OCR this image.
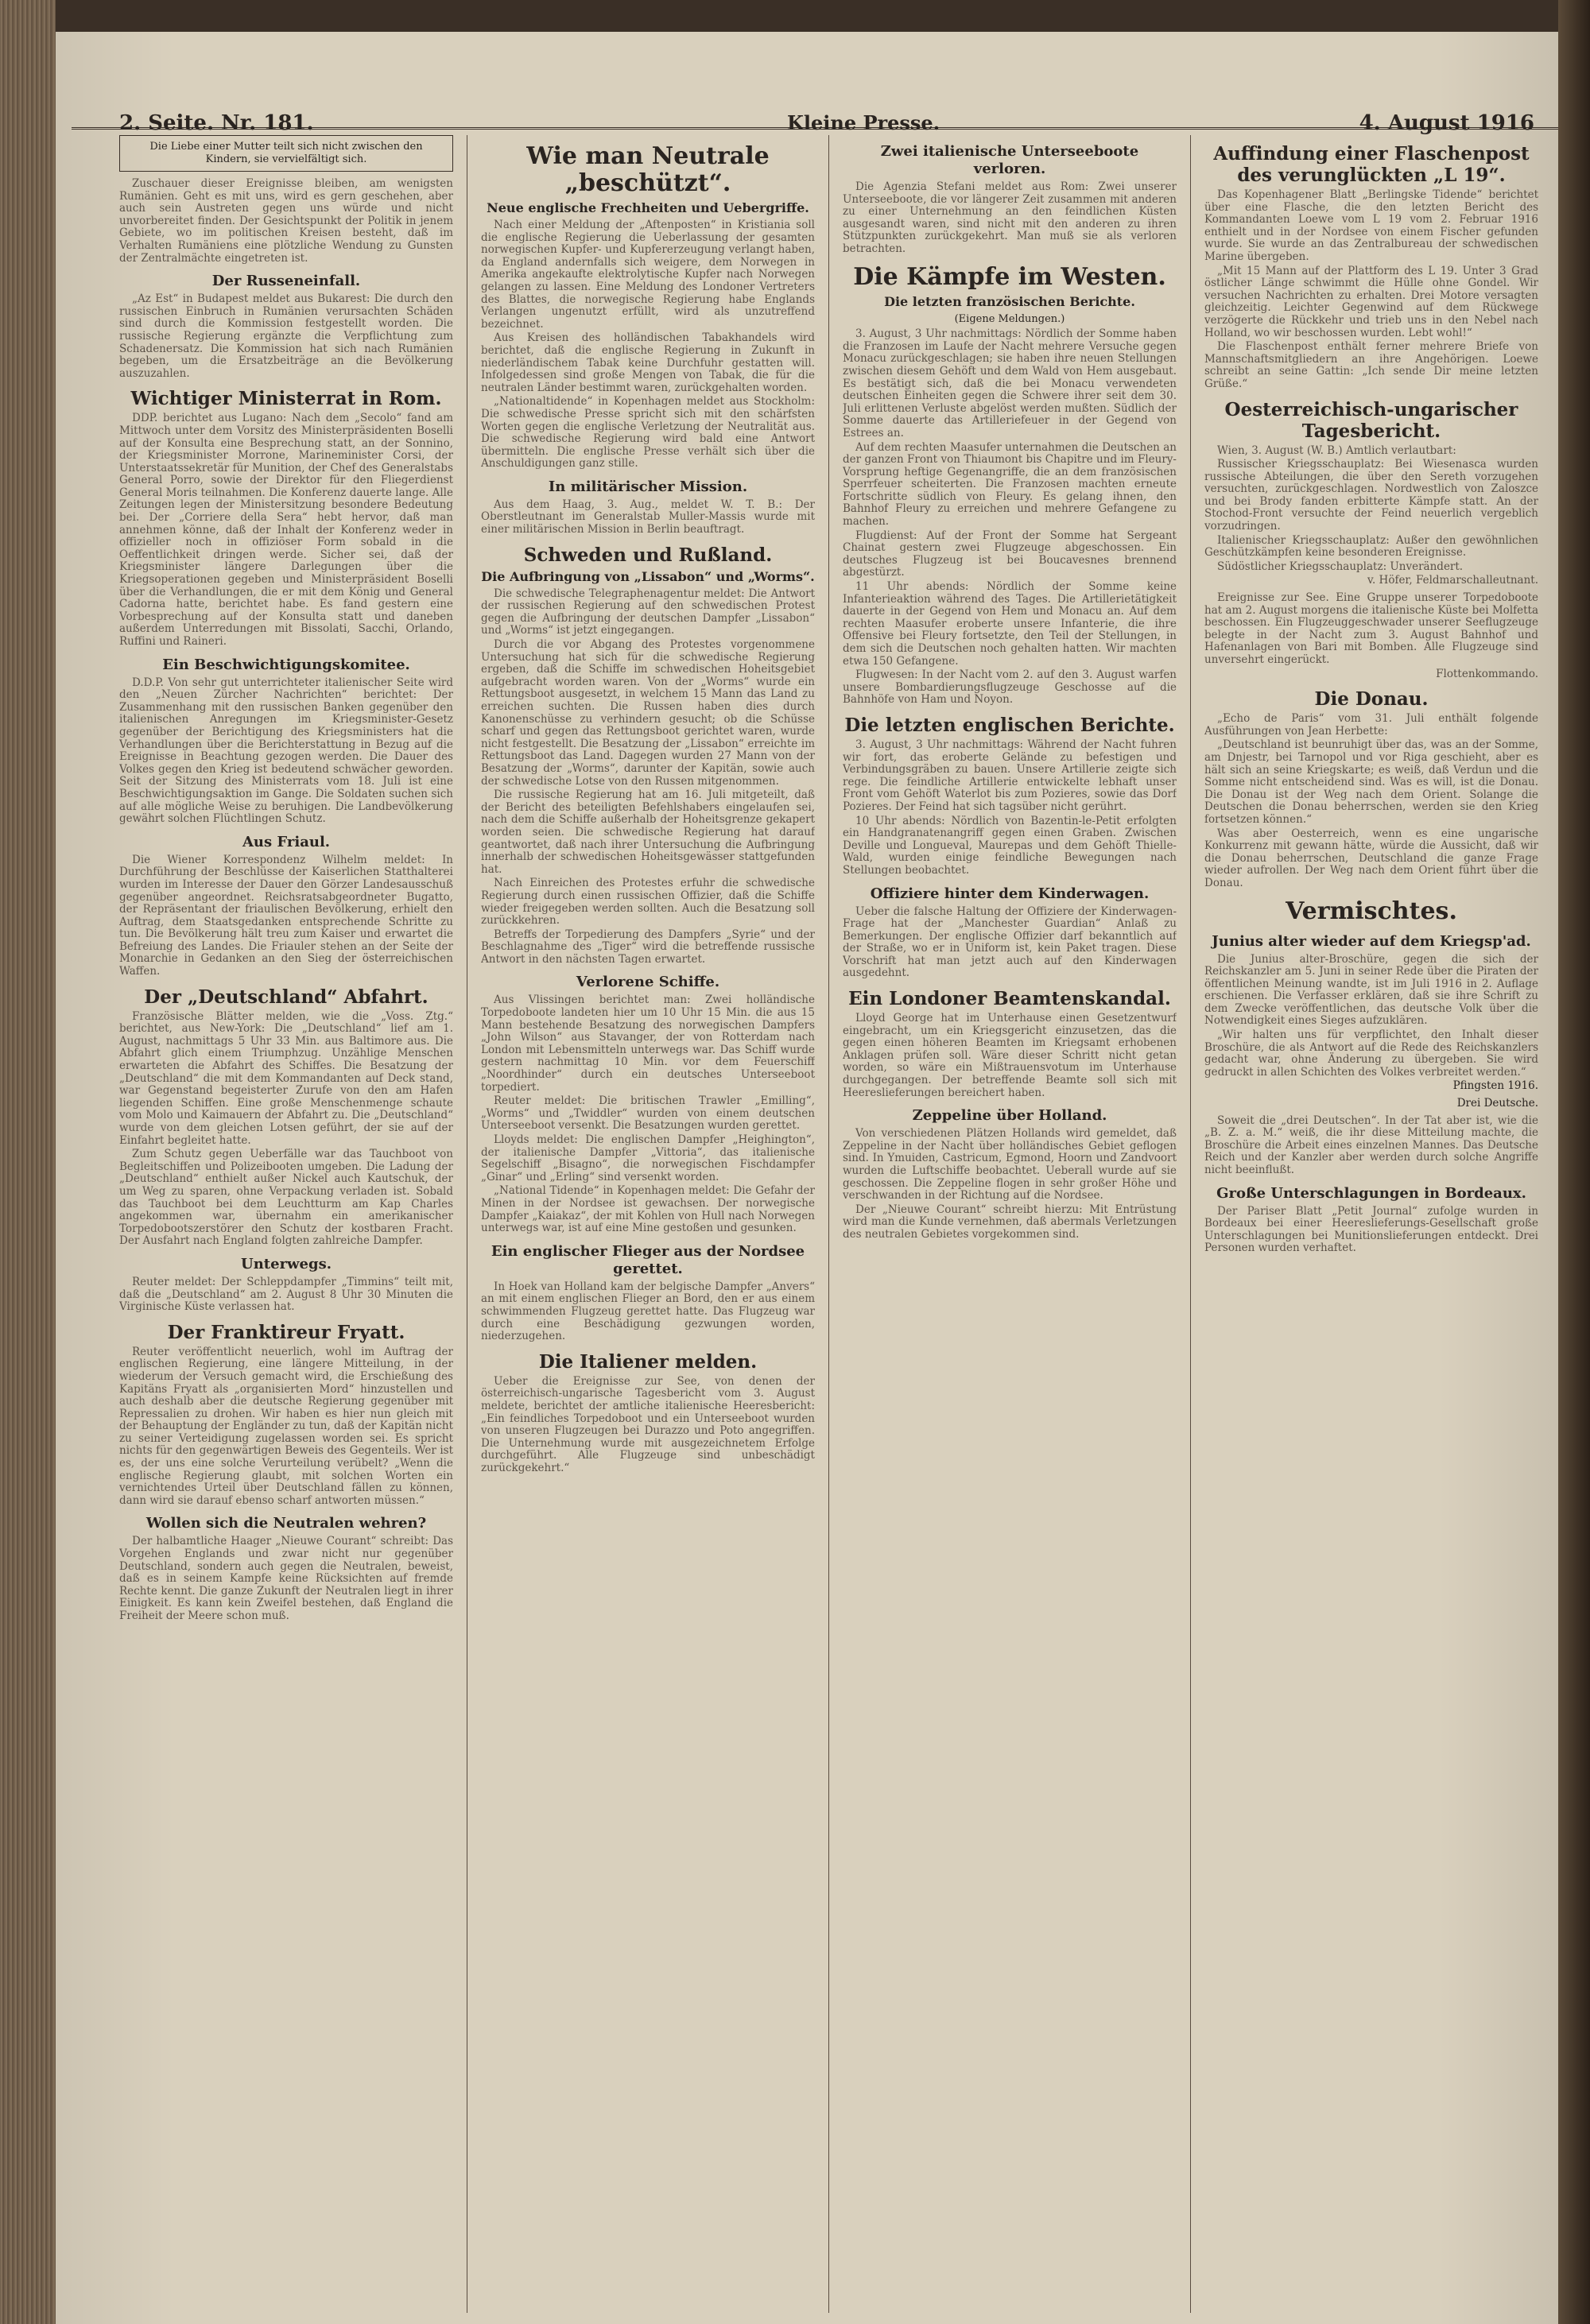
2. Seite. Nr. 181.	Kleine Presse.	4. August 1916
Die Liebe einer Mutter teilt sich nicht zwischen den Kindern, sie vervielfältigt sich.

Zuschauer dieser Ereignisse bleiben, am wenigsten Rumänien. Geht es mit uns, wird es gern geschehen, aber auch sein Austreten gegen uns würde und nicht unvorbereitet finden. Der Gesichtspunkt der Politik in jenem Gebiete, wo im politischen Kreisen besteht, daß im Verhalten Rumäniens eine plötzliche Wendung zu Gunsten der Zentralmächte eingetreten ist.

Der Russeneinfall.

„Az Est“ in Budapest meldet aus Bukarest: Die durch den russischen Einbruch in Rumänien verursachten Schäden sind durch die Kommission festgestellt worden. Die russische Regierung ergänzte die Verpflichtung zum Schadenersatz. Die Kommission hat sich nach Rumänien begeben, um die Ersatzbeiträge an die Bevölkerung auszuzahlen.

Wichtiger Ministerrat in Rom.

DDP. berichtet aus Lugano: Nach dem „Secolo“ fand am Mittwoch unter dem Vorsitz des Ministerpräsidenten Boselli auf der Konsulta eine Besprechung statt, an der Sonnino, der Kriegsminister Morrone, Marineminister Corsi, der Unterstaatssekretär für Munition, der Chef des Generalstabs General Porro, sowie der Direktor für den Fliegerdienst General Moris teilnahmen. Die Konferenz dauerte lange. Alle Zeitungen legen der Ministersitzung besondere Bedeutung bei. Der „Corriere della Sera“ hebt hervor, daß man annehmen könne, daß der Inhalt der Konferenz weder in offizieller noch in offiziöser Form sobald in die Oeffentlichkeit dringen werde. Sicher sei, daß der Kriegsminister längere Darlegungen über die Kriegsoperationen gegeben und Ministerpräsident Boselli über die Verhandlungen, die er mit dem König und General Cadorna hatte, berichtet habe. Es fand gestern eine Vorbesprechung auf der Konsulta statt und daneben außerdem Unterredungen mit Bissolati, Sacchi, Orlando, Ruffini und Raineri.

Ein Beschwichtigungskomitee.

D.D.P. Von sehr gut unterrichteter italienischer Seite wird den „Neuen Zürcher Nachrichten“ berichtet: Der Zusammenhang mit den russischen Banken gegenüber den italienischen Anregungen im Kriegsminister-Gesetz gegenüber der Berichtigung des Kriegsministers hat die Verhandlungen über die Berichterstattung in Bezug auf die Ereignisse in Beachtung gezogen werden. Die Dauer des Volkes gegen den Krieg ist bedeutend schwächer geworden. Seit der Sitzung des Ministerrats vom 18. Juli ist eine Beschwichtigungsaktion im Gange. Die Soldaten suchen sich auf alle mögliche Weise zu beruhigen. Die Landbevölkerung gewährt solchen Flüchtlingen Schutz.

Aus Friaul.

Die Wiener Korrespondenz Wilhelm meldet: In Durchführung der Beschlüsse der Kaiserlichen Statthalterei wurden im Interesse der Dauer den Görzer Landesausschuß gegenüber angeordnet. Reichsratsabgeordneter Bugatto, der Repräsentant der friaulischen Bevölkerung, erhielt den Auftrag, dem Staatsgedanken entsprechende Schritte zu tun. Die Bevölkerung hält treu zum Kaiser und erwartet die Befreiung des Landes. Die Friauler stehen an der Seite der Monarchie in Gedanken an den Sieg der österreichischen Waffen.

Der „Deutschland“ Abfahrt.

Französische Blätter melden, wie die „Voss. Ztg.“ berichtet, aus New-York: Die „Deutschland“ lief am 1. August, nachmittags 5 Uhr 33 Min. aus Baltimore aus. Die Abfahrt glich einem Triumphzug. Unzählige Menschen erwarteten die Abfahrt des Schiffes. Die Besatzung der „Deutschland“ die mit dem Kommandanten auf Deck stand, war Gegenstand begeisterter Zurufe von den am Hafen liegenden Schiffen. Eine große Menschenmenge schaute vom Molo und Kaimauern der Abfahrt zu. Die „Deutschland“ wurde von dem gleichen Lotsen geführt, der sie auf der Einfahrt begleitet hatte.

Zum Schutz gegen Ueberfälle war das Tauchboot von Begleitschiffen und Polizeibooten umgeben. Die Ladung der „Deutschland“ enthielt außer Nickel auch Kautschuk, der um Weg zu sparen, ohne Verpackung verladen ist. Sobald das Tauchboot bei dem Leuchtturm am Kap Charles angekommen war, übernahm ein amerikanischer Torpedobootszerstörer den Schutz der kostbaren Fracht. Der Ausfahrt nach England folgten zahlreiche Dampfer.

Unterwegs.

Reuter meldet: Der Schleppdampfer „Timmins“ teilt mit, daß die „Deutschland“ am 2. August 8 Uhr 30 Minuten die Virginische Küste verlassen hat.

Der Franktireur Fryatt.

Reuter veröffentlicht neuerlich, wohl im Auftrag der englischen Regierung, eine längere Mitteilung, in der wiederum der Versuch gemacht wird, die Erschießung des Kapitäns Fryatt als „organisierten Mord“ hinzustellen und auch deshalb aber die deutsche Regierung gegenüber mit Repressalien zu drohen. Wir haben es hier nun gleich mit der Behauptung der Engländer zu tun, daß der Kapitän nicht zu seiner Verteidigung zugelassen worden sei. Es spricht nichts für den gegenwärtigen Beweis des Gegenteils. Wer ist es, der uns eine solche Verurteilung verübelt? „Wenn die englische Regierung glaubt, mit solchen Worten ein vernichtendes Urteil über Deutschland fällen zu können, dann wird sie darauf ebenso scharf antworten müssen.“

Wollen sich die Neutralen wehren?

Der halbamtliche Haager „Nieuwe Courant“ schreibt: Das Vorgehen Englands und zwar nicht nur gegenüber Deutschland, sondern auch gegen die Neutralen, beweist, daß es in seinem Kampfe keine Rücksichten auf fremde Rechte kennt. Die ganze Zukunft der Neutralen liegt in ihrer Einigkeit. Es kann kein Zweifel bestehen, daß England die Freiheit der Meere schon muß.

Wie man Neutrale „beschützt“.
Neue englische Frechheiten und Uebergriffe.

Nach einer Meldung der „Aftenposten“ in Kristiania soll die englische Regierung die Ueberlassung der gesamten norwegischen Kupfer- und Kupfererzeugung verlangt haben, da England andernfalls sich weigere, dem Norwegen in Amerika angekaufte elektrolytische Kupfer nach Norwegen gelangen zu lassen. Eine Meldung des Londoner Vertreters des Blattes, die norwegische Regierung habe Englands Verlangen ungenutzt erfüllt, wird als unzutreffend bezeichnet.

Aus Kreisen des holländischen Tabakhandels wird berichtet, daß die englische Regierung in Zukunft in niederländischem Tabak keine Durchfuhr gestatten will. Infolgedessen sind große Mengen von Tabak, die für die neutralen Länder bestimmt waren, zurückgehalten worden.

„Nationaltidende“ in Kopenhagen meldet aus Stockholm: Die schwedische Presse spricht sich mit den schärfsten Worten gegen die englische Verletzung der Neutralität aus. Die schwedische Regierung wird bald eine Antwort übermitteln. Die englische Presse verhält sich über die Anschuldigungen ganz stille.

In militärischer Mission.

Aus dem Haag, 3. Aug., meldet W. T. B.: Der Oberstleutnant im Generalstab Muller-Massis wurde mit einer militärischen Mission in Berlin beauftragt.

Schweden und Rußland.
Die Aufbringung von „Lissabon“ und „Worms“.

Die schwedische Telegraphenagentur meldet: Die Antwort der russischen Regierung auf den schwedischen Protest gegen die Aufbringung der deutschen Dampfer „Lissabon“ und „Worms“ ist jetzt eingegangen.

Durch die vor Abgang des Protestes vorgenommene Untersuchung hat sich für die schwedische Regierung ergeben, daß die Schiffe im schwedischen Hoheitsgebiet aufgebracht worden waren. Von der „Worms“ wurde ein Rettungsboot ausgesetzt, in welchem 15 Mann das Land zu erreichen suchten. Die Russen haben dies durch Kanonenschüsse zu verhindern gesucht; ob die Schüsse scharf und gegen das Rettungsboot gerichtet waren, wurde nicht festgestellt. Die Besatzung der „Lissabon“ erreichte im Rettungsboot das Land. Dagegen wurden 27 Mann von der Besatzung der „Worms“, darunter der Kapitän, sowie auch der schwedische Lotse von den Russen mitgenommen.

Die russische Regierung hat am 16. Juli mitgeteilt, daß der Bericht des beteiligten Befehlshabers eingelaufen sei, nach dem die Schiffe außerhalb der Hoheitsgrenze gekapert worden seien. Die schwedische Regierung hat darauf geantwortet, daß nach ihrer Untersuchung die Aufbringung innerhalb der schwedischen Hoheitsgewässer stattgefunden hat.

Nach Einreichen des Protestes erfuhr die schwedische Regierung durch einen russischen Offizier, daß die Schiffe wieder freigegeben werden sollten. Auch die Besatzung soll zurückkehren.

Betreffs der Torpedierung des Dampfers „Syrie“ und der Beschlagnahme des „Tiger“ wird die betreffende russische Antwort in den nächsten Tagen erwartet.

Verlorene Schiffe.

Aus Vlissingen berichtet man: Zwei holländische Torpedoboote landeten hier um 10 Uhr 15 Min. die aus 15 Mann bestehende Besatzung des norwegischen Dampfers „John Wilson“ aus Stavanger, der von Rotterdam nach London mit Lebensmitteln unterwegs war. Das Schiff wurde gestern nachmittag 10 Min. vor dem Feuerschiff „Noordhinder“ durch ein deutsches Unterseeboot torpediert.

Reuter meldet: Die britischen Trawler „Emilling“, „Worms“ und „Twiddler“ wurden von einem deutschen Unterseeboot versenkt. Die Besatzungen wurden gerettet.

Lloyds meldet: Die englischen Dampfer „Heighington“, der italienische Dampfer „Vittoria“, das italienische Segelschiff „Bisagno“, die norwegischen Fischdampfer „Ginar“ und „Erling“ sind versenkt worden.

„National Tidende“ in Kopenhagen meldet: Die Gefahr der Minen in der Nordsee ist gewachsen. Der norwegische Dampfer „Kaiakaz“, der mit Kohlen von Hull nach Norwegen unterwegs war, ist auf eine Mine gestoßen und gesunken.

Ein englischer Flieger aus der Nordsee gerettet.

In Hoek van Holland kam der belgische Dampfer „Anvers“ an mit einem englischen Flieger an Bord, den er aus einem schwimmenden Flugzeug gerettet hatte. Das Flugzeug war durch eine Beschädigung gezwungen worden, niederzugehen.

Die Italiener melden.

Ueber die Ereignisse zur See, von denen der österreichisch-ungarische Tagesbericht vom 3. August meldete, berichtet der amtliche italienische Heeresbericht: „Ein feindliches Torpedoboot und ein Unterseeboot wurden von unseren Flugzeugen bei Durazzo und Poto angegriffen. Die Unternehmung wurde mit ausgezeichnetem Erfolge durchgeführt. Alle Flugzeuge sind unbeschädigt zurückgekehrt.“

Zwei italienische Unterseeboote verloren.

Die Agenzia Stefani meldet aus Rom: Zwei unserer Unterseeboote, die vor längerer Zeit zusammen mit anderen zu einer Unternehmung an den feindlichen Küsten ausgesandt waren, sind nicht mit den anderen zu ihren Stützpunkten zurückgekehrt. Man muß sie als verloren betrachten.

Die Kämpfe im Westen.
Die letzten französischen Berichte.
(Eigene Meldungen.)

3. August, 3 Uhr nachmittags: Nördlich der Somme haben die Franzosen im Laufe der Nacht mehrere Versuche gegen Monacu zurückgeschlagen; sie haben ihre neuen Stellungen zwischen diesem Gehöft und dem Wald von Hem ausgebaut. Es bestätigt sich, daß die bei Monacu verwendeten deutschen Einheiten gegen die Schwere ihrer seit dem 30. Juli erlittenen Verluste abgelöst werden mußten. Südlich der Somme dauerte das Artilleriefeuer in der Gegend von Estrees an.

Auf dem rechten Maasufer unternahmen die Deutschen an der ganzen Front von Thiaumont bis Chapitre und im Fleury-Vorsprung heftige Gegenangriffe, die an dem französischen Sperrfeuer scheiterten. Die Franzosen machten erneute Fortschritte südlich von Fleury. Es gelang ihnen, den Bahnhof Fleury zu erreichen und mehrere Gefangene zu machen.

Flugdienst: Auf der Front der Somme hat Sergeant Chainat gestern zwei Flugzeuge abgeschossen. Ein deutsches Flugzeug ist bei Boucavesnes brennend abgestürzt.

11 Uhr abends: Nördlich der Somme keine Infanterieaktion während des Tages. Die Artillerietätigkeit dauerte in der Gegend von Hem und Monacu an. Auf dem rechten Maasufer eroberte unsere Infanterie, die ihre Offensive bei Fleury fortsetzte, den Teil der Stellungen, in dem sich die Deutschen noch gehalten hatten. Wir machten etwa 150 Gefangene.

Flugwesen: In der Nacht vom 2. auf den 3. August warfen unsere Bombardierungsflugzeuge Geschosse auf die Bahnhöfe von Ham und Noyon.

Die letzten englischen Berichte.

3. August, 3 Uhr nachmittags: Während der Nacht fuhren wir fort, das eroberte Gelände zu befestigen und Verbindungsgräben zu bauen. Unsere Artillerie zeigte sich rege. Die feindliche Artillerie entwickelte lebhaft unser Front vom Gehöft Waterlot bis zum Pozieres, sowie das Dorf Pozieres. Der Feind hat sich tagsüber nicht gerührt.

10 Uhr abends: Nördlich von Bazentin-le-Petit erfolgten ein Handgranatenangriff gegen einen Graben. Zwischen Deville und Longueval, Maurepas und dem Gehöft Thielle-Wald, wurden einige feindliche Bewegungen nach Stellungen beobachtet.

Offiziere hinter dem Kinderwagen.

Ueber die falsche Haltung der Offiziere der Kinderwagen-Frage hat der „Manchester Guardian“ Anlaß zu Bemerkungen. Der englische Offizier darf bekanntlich auf der Straße, wo er in Uniform ist, kein Paket tragen. Diese Vorschrift hat man jetzt auch auf den Kinderwagen ausgedehnt.

Ein Londoner Beamtenskandal.

Lloyd George hat im Unterhause einen Gesetzentwurf eingebracht, um ein Kriegsgericht einzusetzen, das die gegen einen höheren Beamten im Kriegsamt erhobenen Anklagen prüfen soll. Wäre dieser Schritt nicht getan worden, so wäre ein Mißtrauensvotum im Unterhause durchgegangen. Der betreffende Beamte soll sich mit Heereslieferungen bereichert haben.

Zeppeline über Holland.

Von verschiedenen Plätzen Hollands wird gemeldet, daß Zeppeline in der Nacht über holländisches Gebiet geflogen sind. In Ymuiden, Castricum, Egmond, Hoorn und Zandvoort wurden die Luftschiffe beobachtet. Ueberall wurde auf sie geschossen. Die Zeppeline flogen in sehr großer Höhe und verschwanden in der Richtung auf die Nordsee.

Der „Nieuwe Courant“ schreibt hierzu: Mit Entrüstung wird man die Kunde vernehmen, daß abermals Verletzungen des neutralen Gebietes vorgekommen sind.

Auffindung einer Flaschenpost des verunglückten „L 19“.

Das Kopenhagener Blatt „Berlingske Tidende“ berichtet über eine Flasche, die den letzten Bericht des Kommandanten Loewe vom L 19 vom 2. Februar 1916 enthielt und in der Nordsee von einem Fischer gefunden wurde. Sie wurde an das Zentralbureau der schwedischen Marine übergeben.

„Mit 15 Mann auf der Plattform des L 19. Unter 3 Grad östlicher Länge schwimmt die Hülle ohne Gondel. Wir versuchen Nachrichten zu erhalten. Drei Motore versagten gleichzeitig. Leichter Gegenwind auf dem Rückwege verzögerte die Rückkehr und trieb uns in den Nebel nach Holland, wo wir beschossen wurden. Lebt wohl!“

Die Flaschenpost enthält ferner mehrere Briefe von Mannschaftsmitgliedern an ihre Angehörigen. Loewe schreibt an seine Gattin: „Ich sende Dir meine letzten Grüße.“

Oesterreichisch-ungarischer Tagesbericht.

Wien, 3. August (W. B.) Amtlich verlautbart:

Russischer Kriegsschauplatz: Bei Wiesenasca wurden russische Abteilungen, die über den Sereth vorzugehen versuchten, zurückgeschlagen. Nordwestlich von Zaloszce und bei Brody fanden erbitterte Kämpfe statt. An der Stochod-Front versuchte der Feind neuerlich vergeblich vorzudringen.

Italienischer Kriegsschauplatz: Außer den gewöhnlichen Geschützkämpfen keine besonderen Ereignisse.

Südöstlicher Kriegsschauplatz: Unverändert.

v. Höfer, Feldmarschalleutnant.

Ereignisse zur See. Eine Gruppe unserer Torpedoboote hat am 2. August morgens die italienische Küste bei Molfetta beschossen. Ein Flugzeuggeschwader unserer Seeflugzeuge belegte in der Nacht zum 3. August Bahnhof und Hafenanlagen von Bari mit Bomben. Alle Flugzeuge sind unversehrt eingerückt.

Flottenkommando.

Die Donau.

„Echo de Paris“ vom 31. Juli enthält folgende Ausführungen von Jean Herbette:

„Deutschland ist beunruhigt über das, was an der Somme, am Dnjestr, bei Tarnopol und vor Riga geschieht, aber es hält sich an seine Kriegskarte; es weiß, daß Verdun und die Somme nicht entscheidend sind. Was es will, ist die Donau. Die Donau ist der Weg nach dem Orient. Solange die Deutschen die Donau beherrschen, werden sie den Krieg fortsetzen können.“

Was aber Oesterreich, wenn es eine ungarische Konkurrenz mit gewann hätte, würde die Aussicht, daß wir die Donau beherrschen, Deutschland die ganze Frage wieder aufrollen. Der Weg nach dem Orient führt über die Donau.

Vermischtes.
Junius alter wieder auf dem Kriegsp'ad.

Die Junius alter-Broschüre, gegen die sich der Reichskanzler am 5. Juni in seiner Rede über die Piraten der öffentlichen Meinung wandte, ist im Juli 1916 in 2. Auflage erschienen. Die Verfasser erklären, daß sie ihre Schrift zu dem Zwecke veröffentlichen, das deutsche Volk über die Notwendigkeit eines Sieges aufzuklären.

„Wir halten uns für verpflichtet, den Inhalt dieser Broschüre, die als Antwort auf die Rede des Reichskanzlers gedacht war, ohne Änderung zu übergeben. Sie wird gedruckt in allen Schichten des Volkes verbreitet werden.“

Pfingsten 1916.
Drei Deutsche.

Soweit die „drei Deutschen“. In der Tat aber ist, wie die „B. Z. a. M.“ weiß, die ihr diese Mitteilung machte, die Broschüre die Arbeit eines einzelnen Mannes. Das Deutsche Reich und der Kanzler aber werden durch solche Angriffe nicht beeinflußt.

Große Unterschlagungen in Bordeaux.

Der Pariser Blatt „Petit Journal“ zufolge wurden in Bordeaux bei einer Heereslieferungs-Gesellschaft große Unterschlagungen bei Munitionslieferungen entdeckt. Drei Personen wurden verhaftet.
